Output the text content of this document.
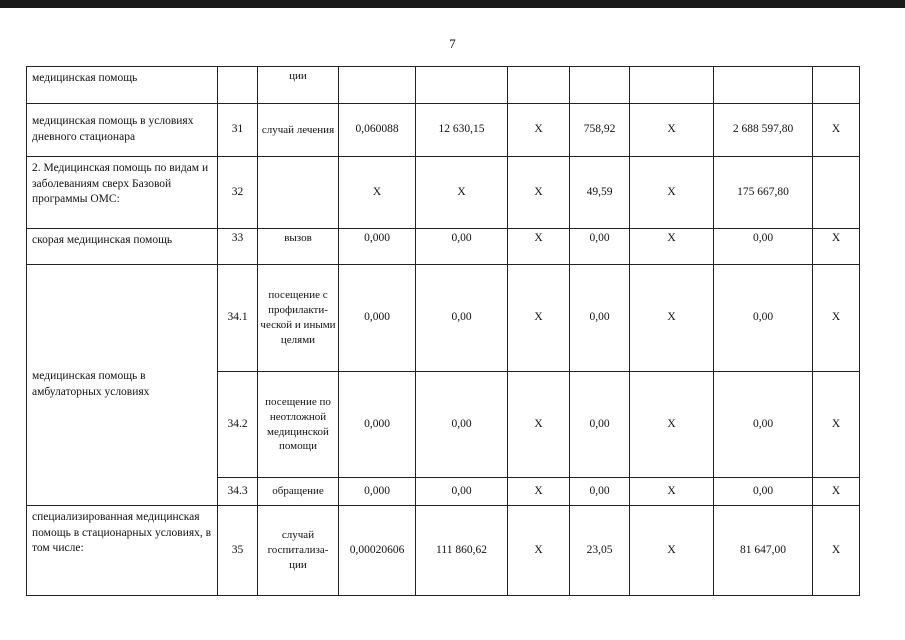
7
медицинская помощь		ции							
медицинская помощь в условиях дневного стационара	31	случай лечения	0,060088	12 630,15	X	758,92	X	2 688 597,80	X
2. Медицинская помощь по видам и заболеваниям сверх Базовой программы ОМС:	32		X	X	X	49,59	X	175 667,80	
скорая медицинская помощь	33	вызов	0,000	0,00	X	0,00	X	0,00	X
медицинская помощь в амбулаторных условиях	34.1	посещение с профилакти-ческой и иными целями	0,000	0,00	X	0,00	X	0,00	X
	34.2	посещение по неотложной медицинской помощи	0,000	0,00	X	0,00	X	0,00	X
	34.3	обращение	0,000	0,00	X	0,00	X	0,00	X
специализированная медицинская помощь в стационарных условиях, в том числе:	35	случай госпитализа-ции	0,00020606	111 860,62	X	23,05	X	81 647,00	X
